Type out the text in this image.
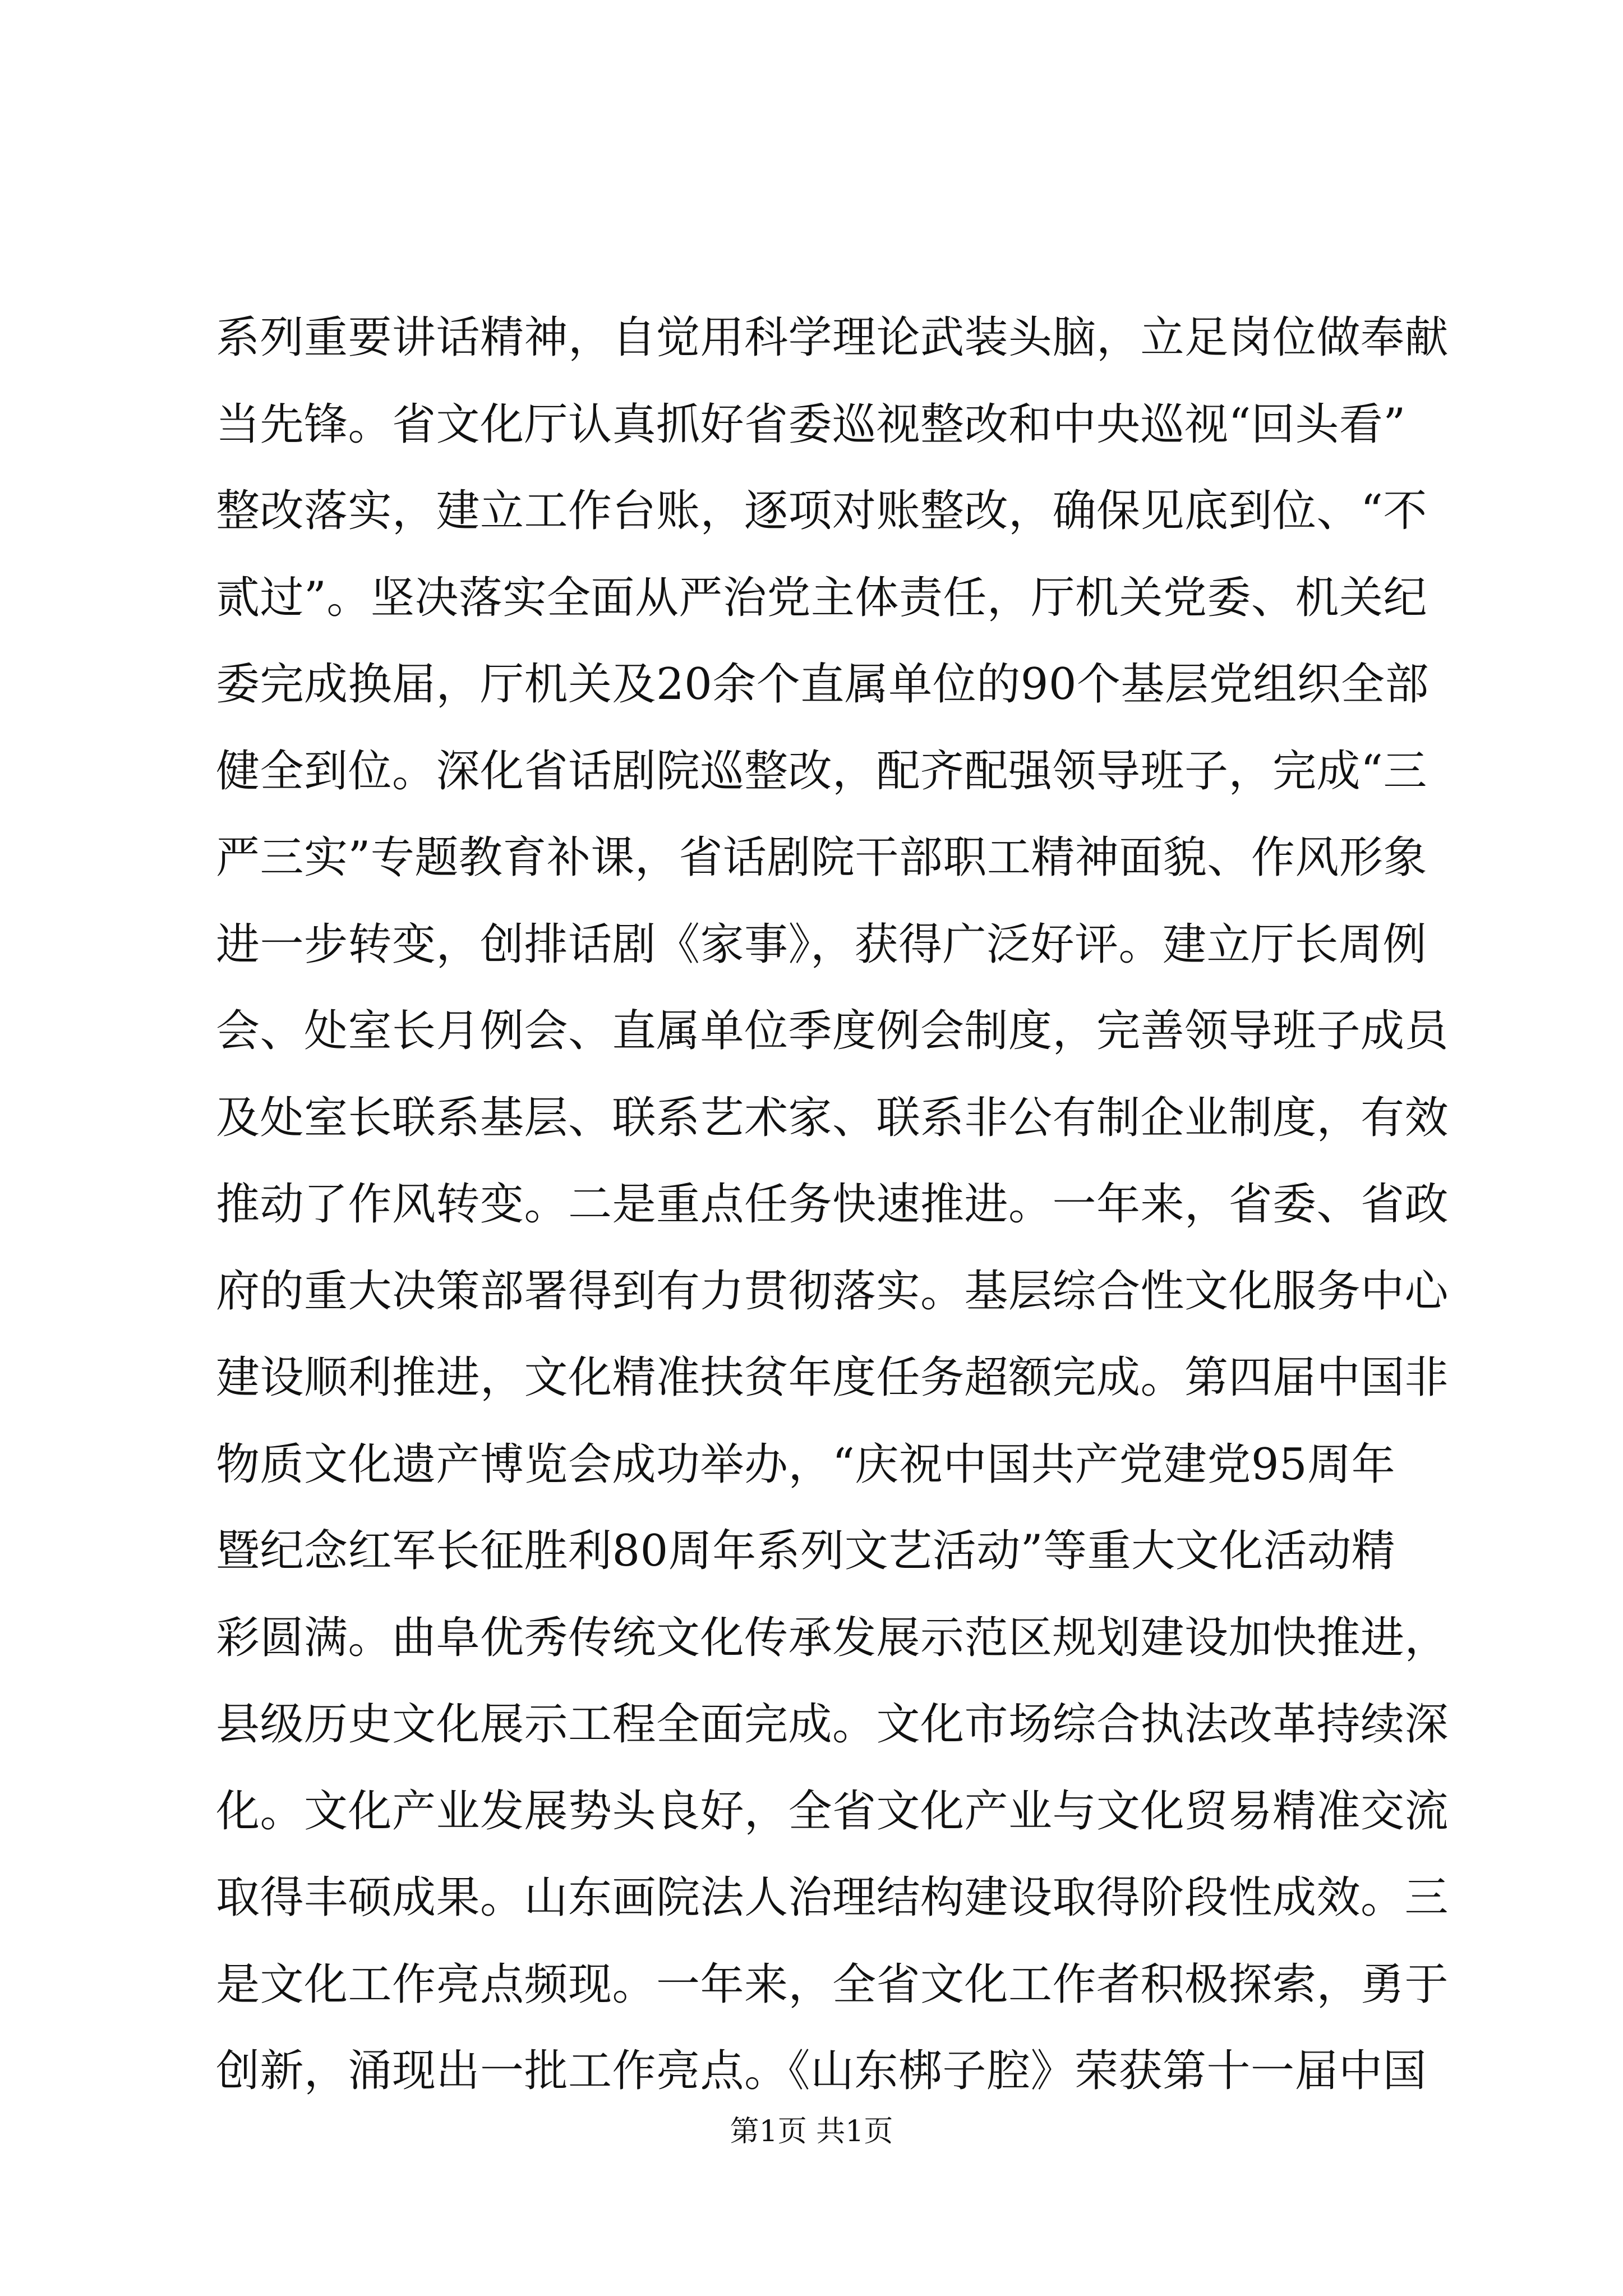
系列重要讲话精神，自觉用科学理论武装头脑，立足岗位做奉献
当先锋。省文化厅认真抓好省委巡视整改和中央巡视“回头看”
整改落实，建立工作台账，逐项对账整改，确保见底到位、“不
贰过”。坚决落实全面从严治党主体责任，厅机关党委、机关纪
委完成换届，厅机关及20余个直属单位的90个基层党组织全部
健全到位。深化省话剧院巡整改，配齐配强领导班子，完成“三
严三实”专题教育补课，省话剧院干部职工精神面貌、作风形象
进一步转变，创排话剧《家事》，获得广泛好评。建立厅长周例
会、处室长月例会、直属单位季度例会制度，完善领导班子成员
及处室长联系基层、联系艺术家、联系非公有制企业制度，有效
推动了作风转变。二是重点任务快速推进。一年来，省委、省政
府的重大决策部署得到有力贯彻落实。基层综合性文化服务中心
建设顺利推进，文化精准扶贫年度任务超额完成。第四届中国非
物质文化遗产博览会成功举办，“庆祝中国共产党建党95周年
暨纪念红军长征胜利80周年系列文艺活动”等重大文化活动精
彩圆满。曲阜优秀传统文化传承发展示范区规划建设加快推进，
县级历史文化展示工程全面完成。文化市场综合执法改革持续深
化。文化产业发展势头良好，全省文化产业与文化贸易精准交流
取得丰硕成果。山东画院法人治理结构建设取得阶段性成效。三
是文化工作亮点频现。一年来，全省文化工作者积极探索，勇于
创新，涌现出一批工作亮点。《山东梆子腔》荣获第十一届中国
第1页 共1页
